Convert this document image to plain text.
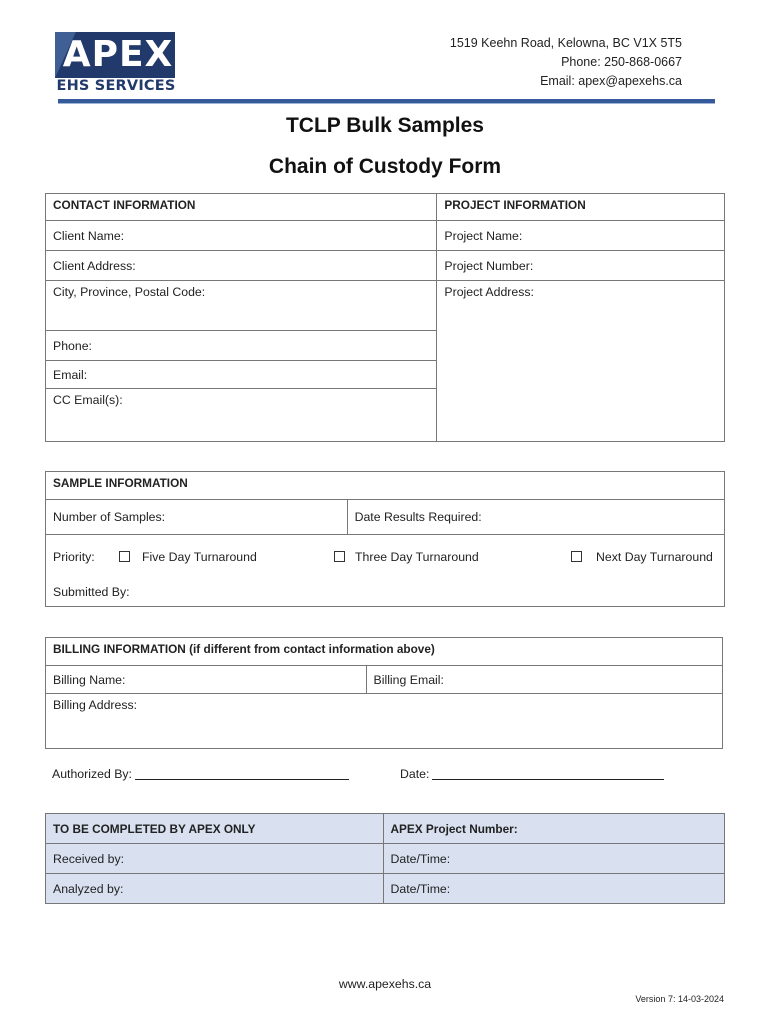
APEX
EHS SERVICES
1519 Keehn Road, Kelowna, BC V1X 5T5
Phone: 250-868-0667
Email: apex@apexehs.ca
TCLP Bulk Samples
Chain of Custody Form
CONTACT INFORMATION	PROJECT INFORMATION
Client Name:	Project Name:
Client Address:	Project Number:
City, Province, Postal Code:	Project Address:
Phone:	
Email:	
CC Email(s):	
SAMPLE INFORMATION
Number of Samples:	Date Results Required:

Priority:	Five Day Turnaround	Three Day Turnaround	Next Day Turnaround
Submitted By:
BILLING INFORMATION (if different from contact information above)
Billing Name:	Billing Email:
Billing Address:
Authorized By:	Date:
TO BE COMPLETED BY APEX ONLY	APEX Project Number:
Received by:	Date/Time:
Analyzed by:	Date/Time:
www.apexehs.ca
Version 7: 14-03-2024
